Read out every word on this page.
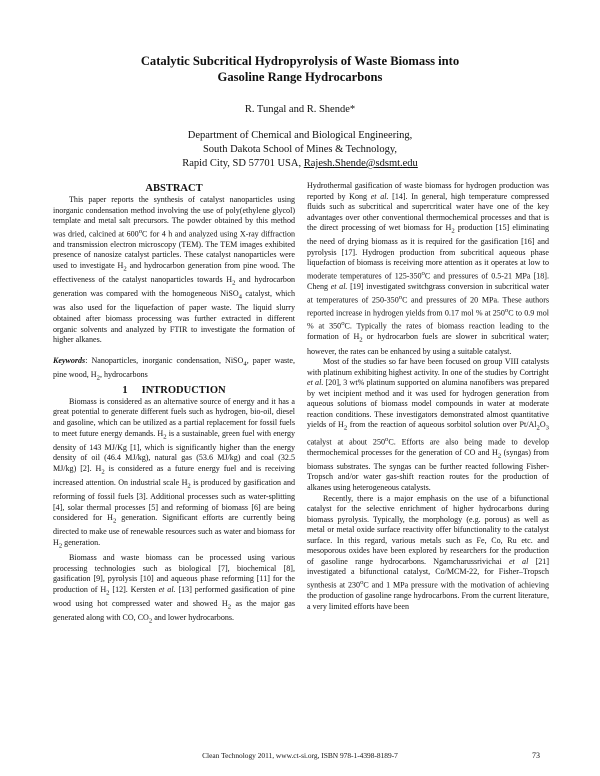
Catalytic Subcritical Hydropyrolysis of Waste Biomass into
Gasoline Range Hydrocarbons
R. Tungal and R. Shende*
Department of Chemical and Biological Engineering,
South Dakota School of Mines & Technology,
Rapid City, SD 57701 USA, Rajesh.Shende@sdsmt.edu

ABSTRACT

This paper reports the synthesis of catalyst nanoparticles using inorganic condensation method involving the use of poly(ethylene glycol) template and metal salt precursors. The powder obtained by this method was dried, calcined at 600$^o$C for 4 h and analyzed using X-ray diffraction and transmission electron microscopy (TEM). The TEM images exhibited presence of nanosize catalyst particles. These catalyst nanoparticles were used to investigate $H_2$ and hydrocarbon generation from pine wood. The effectiveness of the catalyst nanoparticles towards $H_2$ and hydrocarbon generation was compared with the homogeneous NiSO$_4$ catalyst, which was also used for the liquefaction of paper waste. The liquid slurry obtained after biomass processing was further extracted in different organic solvents and analyzed by FTIR to investigate the formation of higher alkanes.

Keywords: Nanoparticles, inorganic condensation, NiSO$_4$, paper waste, pine wood, $H_2$, hydrocarbons

1 INTRODUCTION

Biomass is considered as an alternative source of energy and it has a great potential to generate different fuels such as hydrogen, bio-oil, diesel and gasoline, which can be utilized as a partial replacement for fossil fuels to meet future energy demands. $H_2$ is a sustainable, green fuel with energy density of 143 MJ/Kg [1], which is significantly higher than the energy density of oil (46.4 MJ/kg), natural gas (53.6 MJ/kg) and coal (32.5 MJ/kg) [2]. $H_2$ is considered as a future energy fuel and is receiving increased attention. On industrial scale $H_2$ is produced by gasification and reforming of fossil fuels [3]. Additional processes such as water-splitting [4], solar thermal processes [5] and reforming of biomass [6] are being considered for $H_2$ generation. Significant efforts are currently being directed to make use of renewable resources such as water and biomass for $H_2$ generation.

Biomass and waste biomass can be processed using various processing technologies such as biological [7], biochemical [8], gasification [9], pyrolysis [10] and aqueous phase reforming [11] for the production of $H_2$ [12]. Kersten et al. [13] performed gasification of pine wood using hot compressed water and showed $H_2$ as the major gas generated along with CO, $CO_2$ and lower hydrocarbons.

Hydrothermal gasification of waste biomass for hydrogen production was reported by Kong et al. [14]. In general, high temperature compressed fluids such as subcritical and supercritical water have one of the key advantages over other conventional thermochemical processes and that is the direct processing of wet biomass for $H_2$ production [15] eliminating the need of drying biomass as it is required for the gasification [16] and pyrolysis [17]. Hydrogen production from subcritical aqueous phase liquefaction of biomass is receiving more attention as it operates at low to moderate temperatures of 125-350$^o$C and pressures of 0.5-21 MPa [18]. Cheng et al. [19] investigated switchgrass conversion in subcritical water at temperatures of 250-350$^o$C and pressures of 20 MPa. These authors reported increase in hydrogen yields from 0.17 mol % at 250$^o$C to 0.9 mol % at 350$^o$C. Typically the rates of biomass reaction leading to the formation of $H_2$ or hydrocarbon fuels are slower in subcritical water; however, the rates can be enhanced by using a suitable catalyst.

Most of the studies so far have been focused on group VIII catalysts with platinum exhibiting highest activity. In one of the studies by Cortright et al. [20], 3 wt% platinum supported on alumina nanofibers was prepared by wet incipient method and it was used for hydrogen generation from aqueous solutions of biomass model compounds in water at moderate reaction conditions. These investigators demonstrated almost quantitative yields of $H_2$ from the reaction of aqueous sorbitol solution over $Pt/Al_2O_3$ catalyst at about 250$^o$C. Efforts are also being made to develop thermochemical processes for the generation of CO and $H_2$ (syngas) from biomass substrates. The syngas can be further reacted following Fisher-Tropsch and/or water gas-shift reaction routes for the production of alkanes using heterogeneous catalysts.

Recently, there is a major emphasis on the use of a bifunctional catalyst for the selective enrichment of higher hydrocarbons during biomass pyrolysis. Typically, the morphology (e.g. porous) as well as metal or metal oxide surface reactivity offer bifunctionality to the catalyst surface. In this regard, various metals such as Fe, Co, Ru etc. and mesoporous oxides have been explored by researchers for the production of gasoline range hydrocarbons. Ngamcharussrivichai et al [21] investigated a bifunctional catalyst, Co/MCM-22, for Fisher–Tropsch synthesis at 230$^o$C and 1 MPa pressure with the motivation of achieving the production of gasoline range hydrocarbons. From the current literature, a very limited efforts have been

Clean Technology 2011, www.ct-si.org, ISBN 978-1-4398-8189-7	73
